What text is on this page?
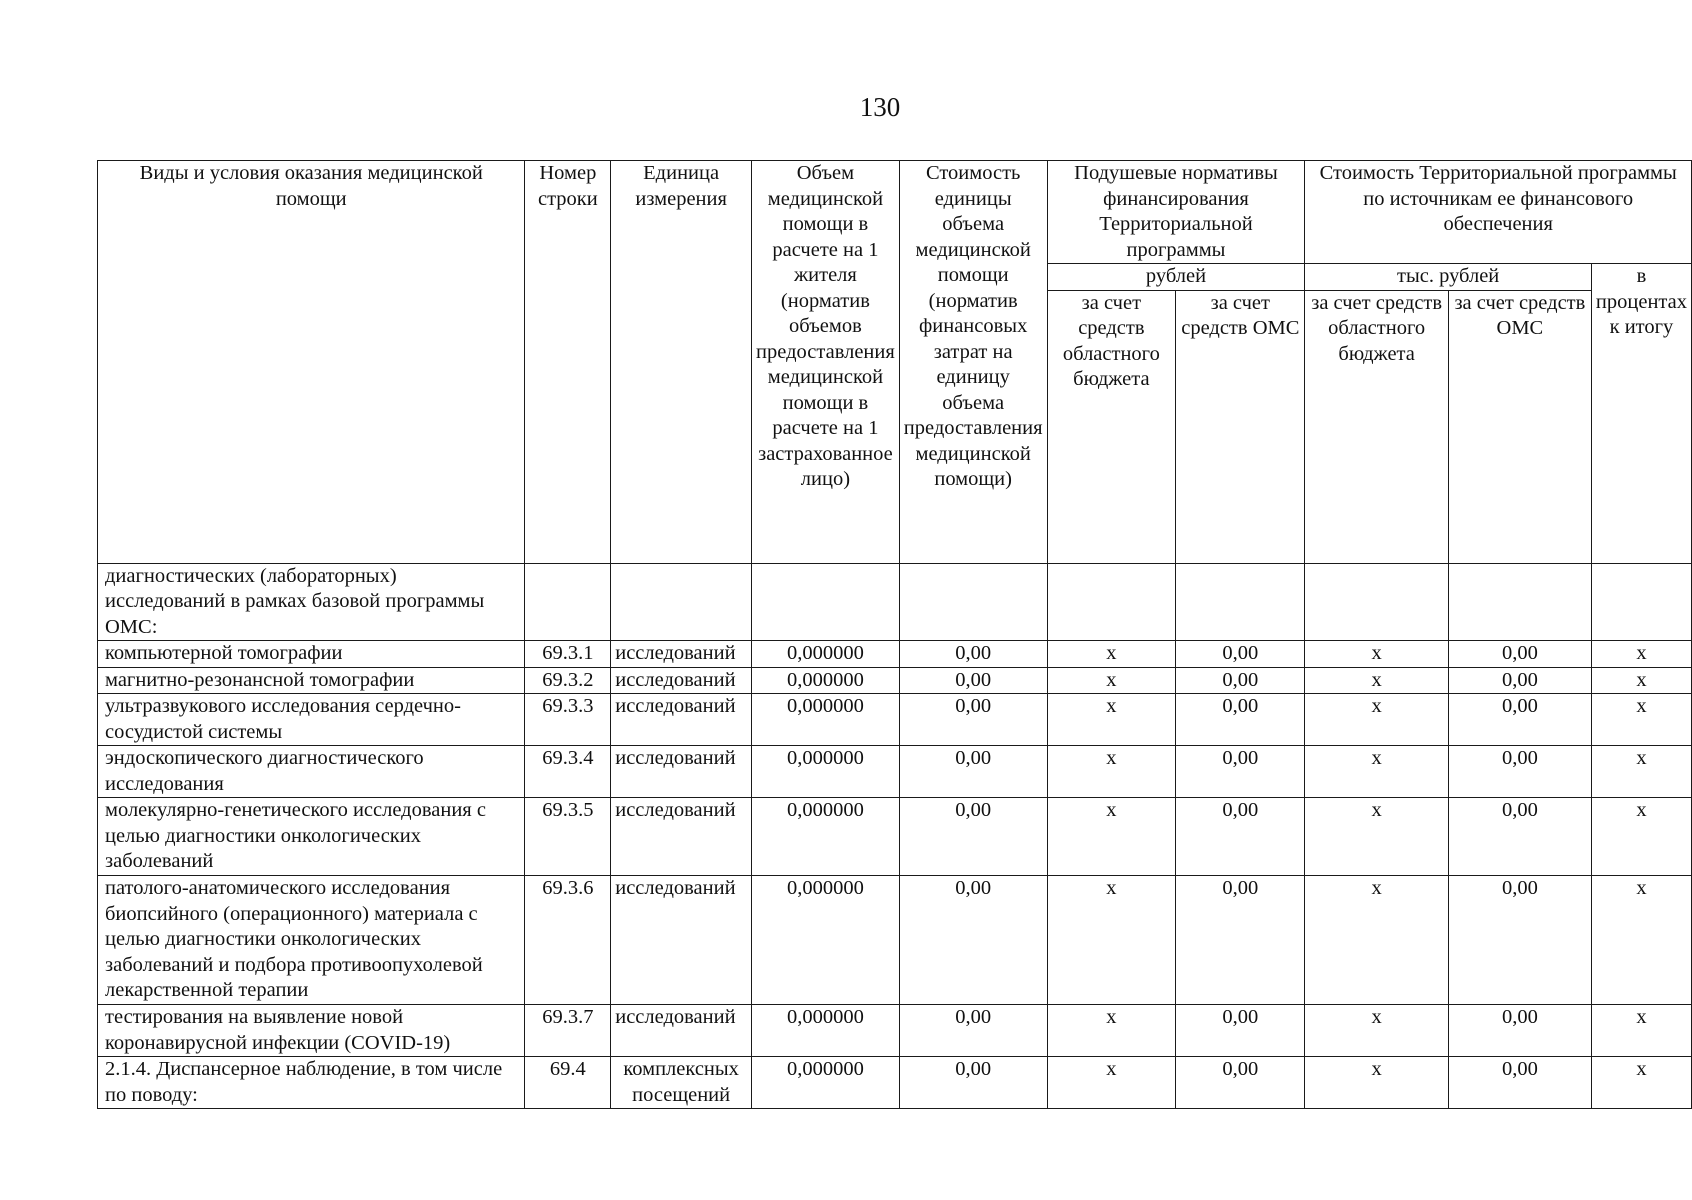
130
Виды и условия оказания медицинской помощи	Номер строки	Единица измерения	Объем медицинской помощи в расчете на 1 жителя (норматив объемов предоставления медицинской помощи в расчете на 1 застрахованное лицо)	Стоимость единицы объема медицинской помощи (норматив финансовых затрат на единицу объема предоставления медицинской помощи)	Подушевые нормативы финансирования Территориальной программы		Стоимость Территориальной программы по источникам ее финансового обеспечения		
					рублей		тыс. рублей		в процентах к итогу
					за счет средств областного бюджета	за счет средств ОМС	за счет средств областного бюджета	за счет средств ОМС	
диагностических (лабораторных) исследований в рамках базовой программы ОМС:									
компьютерной томографии	69.3.1	исследований	0,000000	0,00	x	0,00	x	0,00	x
магнитно-резонансной томографии	69.3.2	исследований	0,000000	0,00	x	0,00	x	0,00	x
ультразвукового исследования сердечно-сосудистой системы	69.3.3	исследований	0,000000	0,00	x	0,00	x	0,00	x
эндоскопического диагностического исследования	69.3.4	исследований	0,000000	0,00	x	0,00	x	0,00	x
молекулярно-генетического исследования с целью диагностики онкологических заболеваний	69.3.5	исследований	0,000000	0,00	x	0,00	x	0,00	x
патолого-анатомического исследования биопсийного (операционного) материала с целью диагностики онкологических заболеваний и подбора противоопухолевой лекарственной терапии	69.3.6	исследований	0,000000	0,00	x	0,00	x	0,00	x
тестирования на выявление новой коронавирусной инфекции (COVID-19)	69.3.7	исследований	0,000000	0,00	x	0,00	x	0,00	x
2.1.4. Диспансерное наблюдение, в том числе по поводу:	69.4	комплексных посещений	0,000000	0,00	x	0,00	x	0,00	x
